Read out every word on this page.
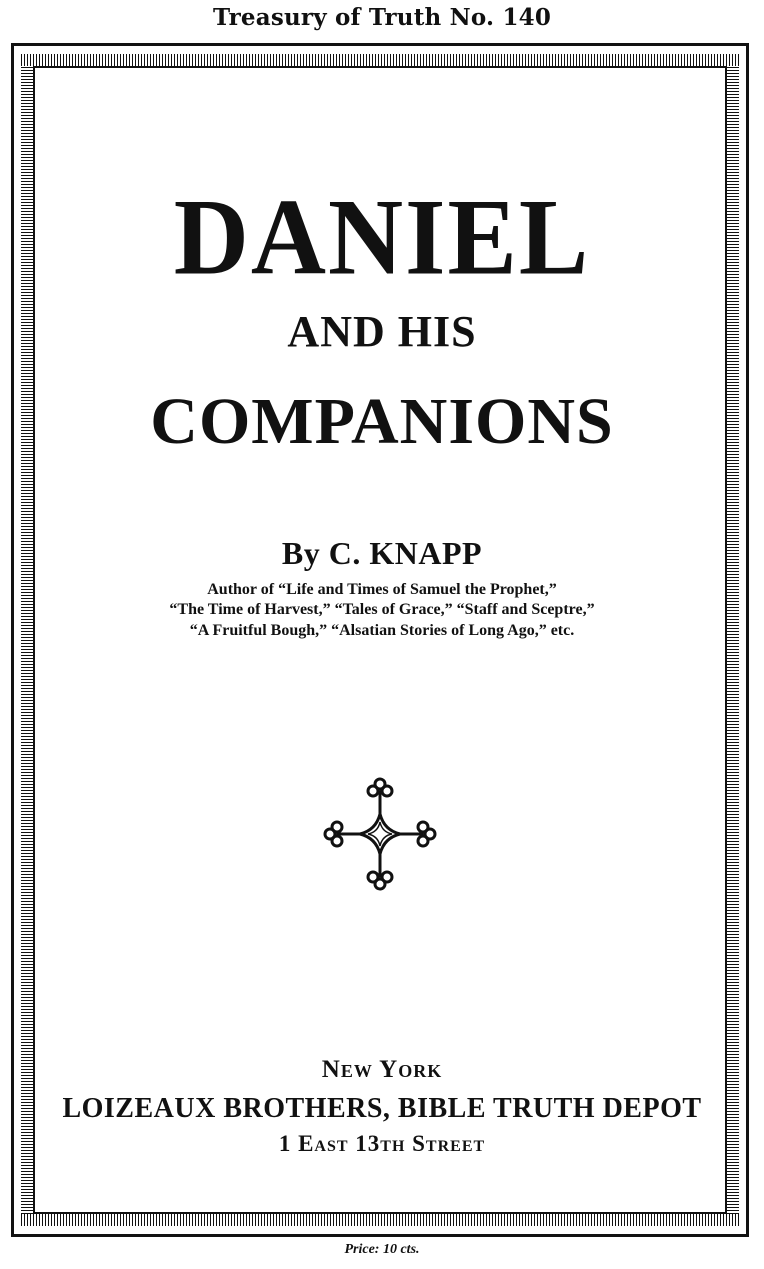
Treasury of Truth No. 140
DANIEL
AND HIS
COMPANIONS
By C. KNAPP
Author of “Life and Times of Samuel the Prophet,”
“The Time of Harvest,” “Tales of Grace,” “Staff and Sceptre,”
“A Fruitful Bough,” “Alsatian Stories of Long Ago,” etc.
New York
LOIZEAUX BROTHERS, BIBLE TRUTH DEPOT
1 East 13th Street
Price: 10 cts.
